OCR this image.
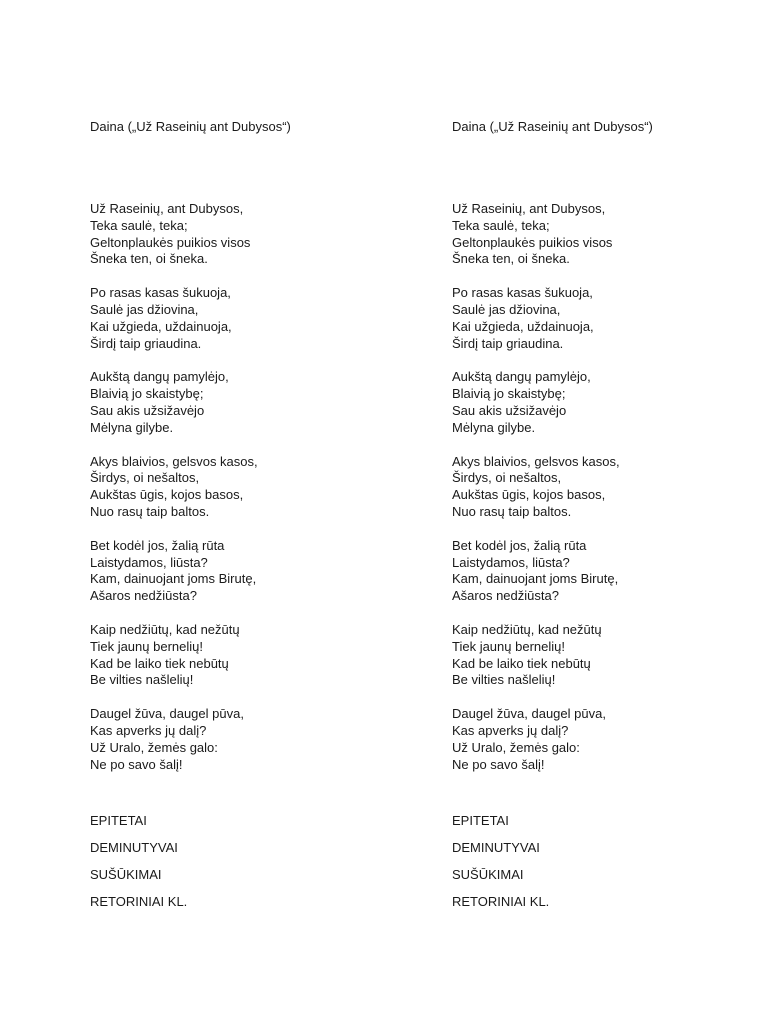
Daina („Už Raseinių ant Dubysos“)
Už Raseinių, ant Dubysos,
Teka saulė, teka;
Geltonplaukės puikios visos
Šneka ten, oi šneka.
Po rasas kasas šukuoja,
Saulė jas džiovina,
Kai užgieda, uždainuoja,
Širdį taip griaudina.
Aukštą dangų pamylėjo,
Blaivią jo skaistybę;
Sau akis užsižavėjo
Mėlyna gilybe.
Akys blaivios, gelsvos kasos,
Širdys, oi nešaltos,
Aukštas ūgis, kojos basos,
Nuo rasų taip baltos.
Bet kodėl jos, žalią rūta
Laistydamos, liūsta?
Kam, dainuojant joms Birutę,
Ašaros nedžiūsta?
Kaip nedžiūtų, kad nežūtų
Tiek jaunų bernelių!
Kad be laiko tiek nebūtų
Be vilties našlelių!
Daugel žūva, daugel pūva,
Kas apverks jų dalį?
Už Uralo, žemės galo:
Ne po savo šalį!
EPITETAI
DEMINUTYVAI
SUŠŪKIMAI
RETORINIAI KL.
Daina („Už Raseinių ant Dubysos“)
Už Raseinių, ant Dubysos,
Teka saulė, teka;
Geltonplaukės puikios visos
Šneka ten, oi šneka.
Po rasas kasas šukuoja,
Saulė jas džiovina,
Kai užgieda, uždainuoja,
Širdį taip griaudina.
Aukštą dangų pamylėjo,
Blaivią jo skaistybę;
Sau akis užsižavėjo
Mėlyna gilybe.
Akys blaivios, gelsvos kasos,
Širdys, oi nešaltos,
Aukštas ūgis, kojos basos,
Nuo rasų taip baltos.
Bet kodėl jos, žalią rūta
Laistydamos, liūsta?
Kam, dainuojant joms Birutę,
Ašaros nedžiūsta?
Kaip nedžiūtų, kad nežūtų
Tiek jaunų bernelių!
Kad be laiko tiek nebūtų
Be vilties našlelių!
Daugel žūva, daugel pūva,
Kas apverks jų dalį?
Už Uralo, žemės galo:
Ne po savo šalį!
EPITETAI
DEMINUTYVAI
SUŠŪKIMAI
RETORINIAI KL.
